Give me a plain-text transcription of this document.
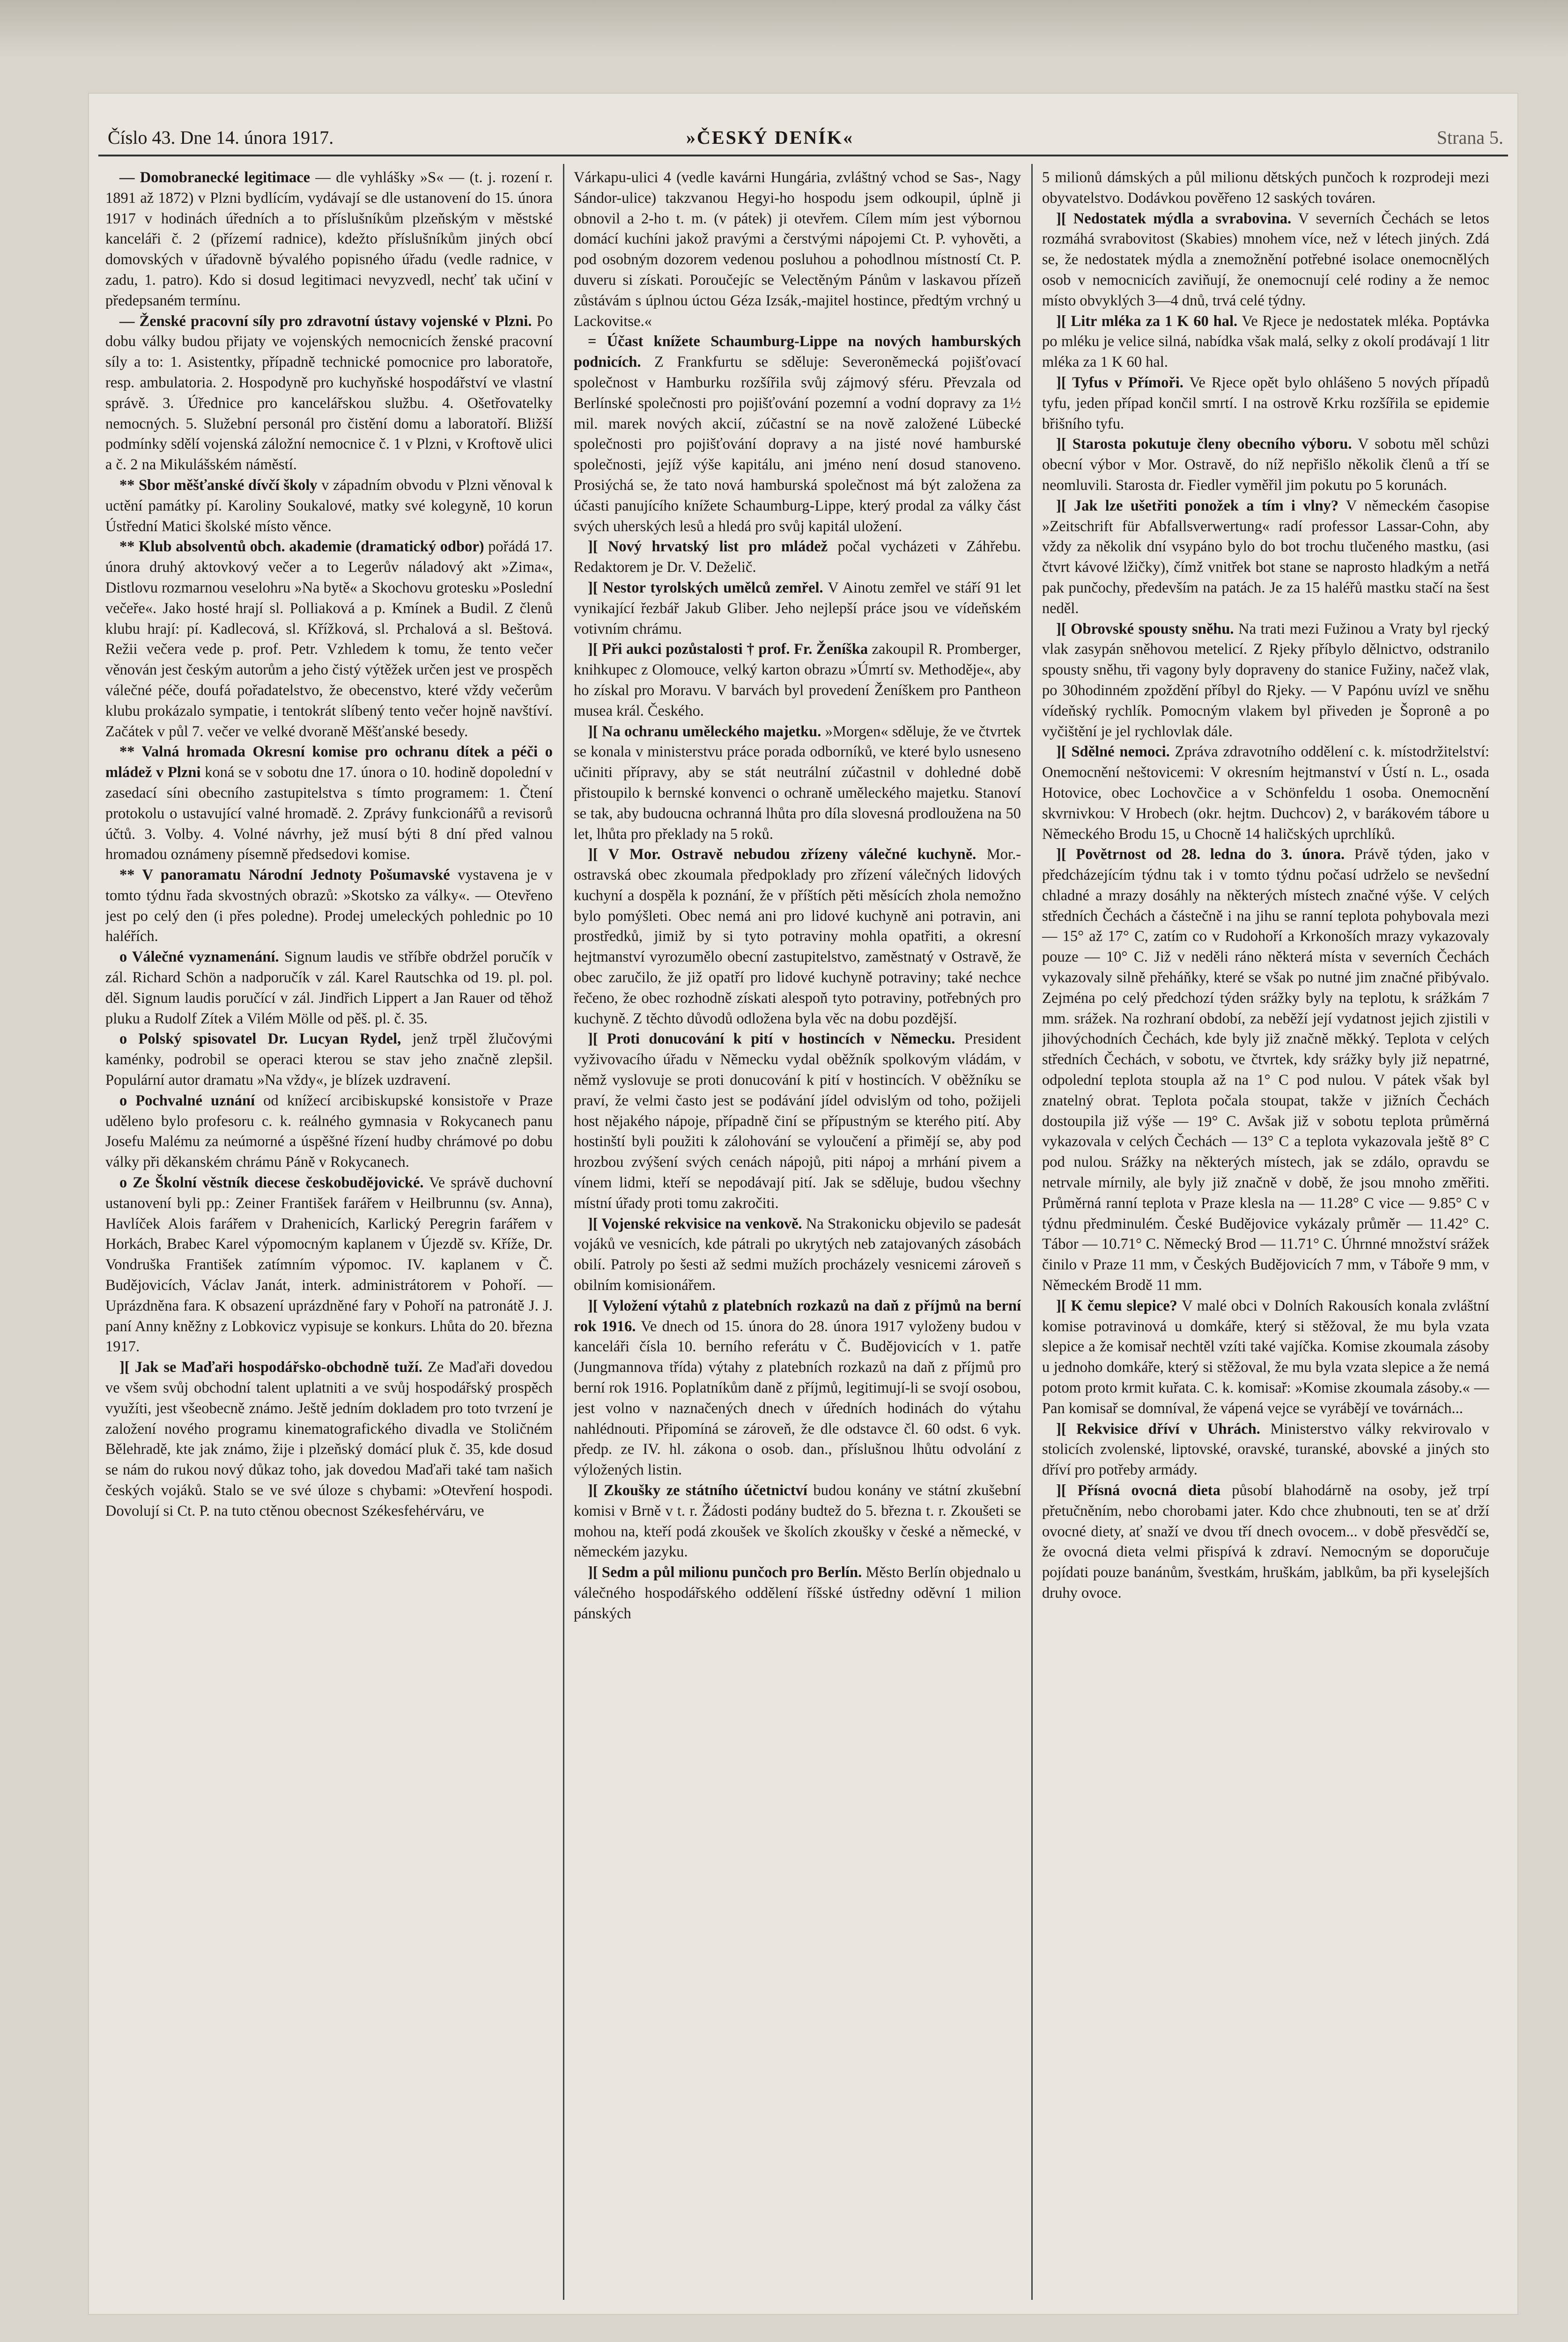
Číslo 43. Dne 14. února 1917.	»ČESKÝ DENÍK«	Strana 5.

— Domobranecké legitimace — dle vyhlášky »S« — (t. j. rození r. 1891 až 1872) v Plzni bydlícím, vydávají se dle ustanovení do 15. února 1917 v hodinách úředních a to příslušníkům plzeňským v městské kanceláři č. 2 (přízemí radnice), kdežto příslušníkům jiných obcí domovských v úřadovně bývalého popisného úřadu (vedle radnice, v zadu, 1. patro). Kdo si dosud legitimaci nevyzvedl, nechť tak učiní v předepsaném termínu.

— Ženské pracovní síly pro zdravotní ústavy vojenské v Plzni. Po dobu války budou přijaty ve vojenských nemocnicích ženské pracovní síly a to: 1. Asistentky, případně technické pomocnice pro laboratoře, resp. ambulatoria. 2. Hospodyně pro kuchyňské hospodářství ve vlastní správě. 3. Úřednice pro kancelářskou službu. 4. Ošetřovatelky nemocných. 5. Služební personál pro čistění domu a laboratoří. Bližší podmínky sdělí vojenská záložní nemocnice č. 1 v Plzni, v Kroftově ulici a č. 2 na Mikulášském náměstí.

** Sbor měšťanské dívčí školy v západním obvodu v Plzni věnoval k uctění památky pí. Karoliny Soukalové, matky své kolegyně, 10 korun Ústřední Matici školské místo věnce.

** Klub absolventů obch. akademie (dramatický odbor) pořádá 17. února druhý aktovkový večer a to Legerův náladový akt »Zima«, Distlovu rozmarnou veselohru »Na bytě« a Skochovu grotesku »Poslední večeře«. Jako hosté hrají sl. Polliaková a p. Kmínek a Budil. Z členů klubu hrají: pí. Kadlecová, sl. Křížková, sl. Prchalová a sl. Beštová. Režii večera vede p. prof. Petr. Vzhledem k tomu, že tento večer věnován jest českým autorům a jeho čistý výtěžek určen jest ve prospěch válečné péče, doufá pořadatelstvo, že obecenstvo, které vždy večerům klubu prokázalo sympatie, i tentokrát slíbený tento večer hojně navštíví. Začátek v půl 7. večer ve velké dvoraně Měšťanské besedy.

** Valná hromada Okresní komise pro ochranu dítek a péči o mládež v Plzni koná se v sobotu dne 17. února o 10. hodině dopolední v zasedací síni obecního zastupitelstva s tímto programem: 1. Čtení protokolu o ustavující valné hromadě. 2. Zprávy funkcionářů a revisorů účtů. 3. Volby. 4. Volné návrhy, jež musí býti 8 dní před valnou hromadou oznámeny písemně předsedovi komise.

** V panoramatu Národní Jednoty Pošumavské vystavena je v tomto týdnu řada skvostných obrazů: »Skotsko za války«. — Otevřeno jest po celý den (i přes poledne). Prodej umeleckých pohlednic po 10 haléřích.

o Válečné vyznamenání. Signum laudis ve stříbře obdržel poručík v zál. Richard Schön a nadporučík v zál. Karel Rautschka od 19. pl. pol. děl. Signum laudis poručící v zál. Jindřich Lippert a Jan Rauer od těhož pluku a Rudolf Zítek a Vilém Mölle od pěš. pl. č. 35.

o Polský spisovatel Dr. Lucyan Rydel, jenž trpěl žlučovými kaménky, podrobil se operaci kterou se stav jeho značně zlepšil. Populární autor dramatu »Na vždy«, je blízek uzdravení.

o Pochvalné uznání od knížecí arcibiskupské konsistoře v Praze uděleno bylo profesoru c. k. reálného gymnasia v Rokycanech panu Josefu Malému za neúmorné a úspěšné řízení hudby chrámové po dobu války při děkanském chrámu Páně v Rokycanech.

o Ze Školní věstník diecese českobudějovické. Ve správě duchovní ustanovení byli pp.: Zeiner František farářem v Heilbrunnu (sv. Anna), Havlíček Alois farářem v Drahenicích, Karlický Peregrin farářem v Horkách, Brabec Karel výpomocným kaplanem v Újezdě sv. Kříže, Dr. Vondruška František zatímním výpomoc. IV. kaplanem v Č. Budějovicích, Václav Janát, interk. administrátorem v Pohoří. — Uprázdněna fara. K obsazení uprázdněné fary v Pohoří na patronátě J. J. paní Anny kněžny z Lobkovicz vypisuje se konkurs. Lhůta do 20. března 1917.

][ Jak se Maďaři hospodářsko-obchodně tuží. Ze Maďaři dovedou ve všem svůj obchodní talent uplatniti a ve svůj hospodářský prospěch využíti, jest všeobecně známo. Ještě jedním dokladem pro toto tvrzení je založení nového programu kinematografického divadla ve Stoličném Bělehradě, kte jak známo, žije i plzeňský domácí pluk č. 35, kde dosud se nám do rukou nový důkaz toho, jak dovedou Maďaři také tam našich českých vojáků. Stalo se ve své úloze s chybami: »Otevření hospodi. Dovolují si Ct. P. na tuto ctěnou obecnost Székesfehérváru, ve

Várkapu-ulici 4 (vedle kavárni Hungária, zvláštný vchod se Sas-, Nagy Sándor-ulice) takzvanou Hegyi-ho hospodu jsem odkoupil, úplně ji obnovil a 2-ho t. m. (v pátek) ji otevřem. Cílem mím jest výbornou domácí kuchíni jakož pravými a čerstvými nápojemi Ct. P. vyhověti, a pod osobným dozorem vedenou posluhou a pohodlnou místností Ct. P. duveru si získati. Poroučejíc se Velectěným Pánům v laskavou přízeň zůstávám s úplnou úctou Géza Izsák,-majitel hostince, předtým vrchný u Lackovitse.«

= Účast knížete Schaumburg-Lippe na nových hamburských podnicích. Z Frankfurtu se sděluje: Severoněmecká pojišťovací společnost v Hamburku rozšířila svůj zájmový sféru. Převzala od Berlínské společnosti pro pojišťování pozemní a vodní dopravy za 1½ mil. marek nových akcií, zúčastní se na nově založené Lübecké společnosti pro pojišťování dopravy a na jisté nové hamburské společnosti, jejíž výše kapitálu, ani jméno není dosud stanoveno. Prosiýchá se, že tato nová hamburská společnost má být založena za účasti panujícího knížete Schaumburg-Lippe, který prodal za války část svých uherských lesů a hledá pro svůj kapitál uložení.

][ Nový hrvatský list pro mládež počal vycházeti v Záhřebu. Redaktorem je Dr. V. Deželič.

][ Nestor tyrolských umělců zemřel. V Ainotu zemřel ve stáří 91 let vynikající řezbář Jakub Gliber. Jeho nejlepší práce jsou ve vídeňském votivním chrámu.

][ Při aukci pozůstalosti † prof. Fr. Ženíška zakoupil R. Promberger, knihkupec z Olomouce, velký karton obrazu »Úmrtí sv. Methoděje«, aby ho získal pro Moravu. V barvách byl provedení Ženíškem pro Pantheon musea král. Českého.

][ Na ochranu uměleckého majetku. »Morgen« sděluje, že ve čtvrtek se konala v ministerstvu práce porada odborníků, ve které bylo usneseno učiniti přípravy, aby se stát neutrální zúčastnil v dohledné době přistoupilo k bernské konvenci o ochraně uměleckého majetku. Stanoví se tak, aby budoucna ochranná lhůta pro díla slovesná prodloužena na 50 let, lhůta pro překlady na 5 roků.

][ V Mor. Ostravě nebudou zřízeny válečné kuchyně. Mor.-ostravská obec zkoumala předpoklady pro zřízení válečných lidových kuchyní a dospěla k poznání, že v příštích pěti měsících zhola nemožno bylo pomýšleti. Obec nemá ani pro lidové kuchyně ani potravin, ani prostředků, jimiž by si tyto potraviny mohla opatřiti, a okresní hejtmanství vyrozumělo obecní zastupitelstvo, zaměstnatý v Ostravě, že obec zaručilo, že již opatří pro lidové kuchyně potraviny; také nechce řečeno, že obec rozhodně získati alespoň tyto potraviny, potřebných pro kuchyně. Z těchto důvodů odložena byla věc na dobu pozdější.

][ Proti donucování k pití v hostincích v Německu. President vyživovacího úřadu v Německu vydal oběžník spolkovým vládám, v němž vyslovuje se proti donucování k pití v hostincích. V oběžníku se praví, že velmi často jest se podávání jídel odvislým od toho, požijeli host nějakého nápoje, případně činí se přípustným se kterého pití. Aby hostinští byli použiti k zálohování se vyloučení a přimějí se, aby pod hrozbou zvýšení svých cenách nápojů, piti nápoj a mrhání pivem a vínem lidmi, kteří se nepodávají pití. Jak se sděluje, budou všechny místní úřady proti tomu zakročiti.

][ Vojenské rekvisice na venkově. Na Strakonicku objevilo se padesát vojáků ve vesnicích, kde pátrali po ukrytých neb zatajovaných zásobách obilí. Patroly po šesti až sedmi mužích procházely vesnicemi zároveň s obilním komisionářem.

][ Vyložení výtahů z platebních rozkazů na daň z příjmů na berní rok 1916. Ve dnech od 15. února do 28. února 1917 vyloženy budou v kanceláři čísla 10. berního referátu v Č. Budějovicích v 1. patře (Jungmannova třída) výtahy z platebních rozkazů na daň z příjmů pro berní rok 1916. Poplatníkům daně z příjmů, legitimují-li se svojí osobou, jest volno v naznačených dnech v úředních hodinách do výtahu nahlédnouti. Připomíná se zároveň, že dle odstavce čl. 60 odst. 6 vyk. předp. ze IV. hl. zákona o osob. dan., příslušnou lhůtu odvolání z výložených listin.

][ Zkoušky ze státního účetnictví budou konány ve státní zkušební komisi v Brně v t. r. Žádosti podány budtež do 5. března t. r. Zkoušeti se mohou na, kteří podá zkoušek ve školích zkoušky v české a německé, v německém jazyku.

][ Sedm a půl milionu punčoch pro Berlín. Město Berlín objednalo u válečného hospodářského oddělení říšské ústředny oděvní 1 milion pánských

5 milionů dámských a půl milionu dětských punčoch k rozprodeji mezi obyvatelstvo. Dodávkou pověřeno 12 saských továren.

][ Nedostatek mýdla a svrabovina. V severních Čechách se letos rozmáhá svrabovitost (Skabies) mnohem více, než v létech jiných. Zdá se, že nedostatek mýdla a znemožnění potřebné isolace onemocnělých osob v nemocnicích zaviňují, že onemocnují celé rodiny a že nemoc místo obvyklých 3—4 dnů, trvá celé týdny.

][ Litr mléka za 1 K 60 hal. Ve Rjece je nedostatek mléka. Poptávka po mléku je velice silná, nabídka však malá, selky z okolí prodávají 1 litr mléka za 1 K 60 hal.

][ Tyfus v Přímoři. Ve Rjece opět bylo ohlášeno 5 nových případů tyfu, jeden případ končil smrtí. I na ostrově Krku rozšířila se epidemie břišního tyfu.

][ Starosta pokutuje členy obecního výboru. V sobotu měl schůzi obecní výbor v Mor. Ostravě, do níž nepřišlo několik členů a tří se neomluvili. Starosta dr. Fiedler vyměřil jim pokutu po 5 korunách.

][ Jak lze ušetřiti ponožek a tím i vlny? V německém časopise »Zeitschrift für Abfallsverwertung« radí professor Lassar-Cohn, aby vždy za několik dní vsypáno bylo do bot trochu tlučeného mastku, (asi čtvrt kávové lžičky), čímž vnitřek bot stane se naprosto hladkým a netřá pak punčochy, především na patách. Je za 15 haléřů mastku stačí na šest neděl.

][ Obrovské spousty sněhu. Na trati mezi Fužinou a Vraty byl rjecký vlak zasypán sněhovou metelicí. Z Rjeky příbylo dělnictvo, odstranilo spousty sněhu, tři vagony byly dopraveny do stanice Fužiny, načež vlak, po 30hodinném zpoždění příbyl do Rjeky. — V Papónu uvízl ve sněhu vídeňský rychlík. Pomocným vlakem byl přiveden je Šopronê a po vyčištění je jel rychlovlak dále.

][ Sdělné nemoci. Zpráva zdravotního oddělení c. k. místodržitelství: Onemocnění neštovicemi: V okresním hejtmanství v Ústí n. L., osada Hotovice, obec Lochovčice a v Schönfeldu 1 osoba. Onemocnění skvrnivkou: V Hrobech (okr. hejtm. Duchcov) 2, v barákovém tábore u Německého Brodu 15, u Chocně 14 haličských uprchlíků.

][ Povětrnost od 28. ledna do 3. února. Právě týden, jako v předcházejícím týdnu tak i v tomto týdnu počasí udrželo se nevšední chladné a mrazy dosáhly na některých místech značné výše. V celých středních Čechách a částečně i na jihu se ranní teplota pohybovala mezi — 15° až 17° C, zatím co v Rudohoří a Krkonoších mrazy vykazovaly pouze — 10° C. Již v neděli ráno některá místa v severních Čechách vykazovaly silně přeháňky, které se však po nutné jim značné přibývalo. Zejména po celý předchozí týden srážky byly na teplotu, k srážkám 7 mm. srážek. Na rozhraní období, za neběží její vydatnost jejich zjistili v jihovýchodních Čechách, kde byly již značně měkký. Teplota v celých středních Čechách, v sobotu, ve čtvrtek, kdy srážky byly již nepatrné, odpolední teplota stoupla až na 1° C pod nulou. V pátek však byl znatelný obrat. Teplota počala stoupat, takže v jižních Čechách dostoupila již výše — 19° C. Avšak již v sobotu teplota průměrná vykazovala v celých Čechách — 13° C a teplota vykazovala ještě 8° C pod nulou. Srážky na některých místech, jak se zdálo, opravdu se netrvale mírnily, ale byly již značně v době, že jsou mnoho změřiti. Průměrná ranní teplota v Praze klesla na — 11.28° C vice — 9.85° C v týdnu předminulém. České Budějovice vykázaly průměr — 11.42° C. Tábor — 10.71° C. Německý Brod — 11.71° C. Úhrnné množství srážek činilo v Praze 11 mm, v Českých Budějovicích 7 mm, v Táboře 9 mm, v Německém Brodě 11 mm.

][ K čemu slepice? V malé obci v Dolních Rakousích konala zvláštní komise potravinová u domkáře, který si stěžoval, že mu byla vzata slepice a že komisař nechtěl vzíti také vajíčka. Komise zkoumala zásoby u jednoho domkáře, který si stěžoval, že mu byla vzata slepice a že nemá potom proto krmit kuřata. C. k. komisař: »Komise zkoumala zásoby.« — Pan komisař se domníval, že vápená vejce se vyrábějí ve továrnách...

][ Rekvisice dříví v Uhrách. Ministerstvo války rekvirovalo v stolicích zvolenské, liptovské, oravské, turanské, abovské a jiných sto dříví pro potřeby armády.

][ Přísná ovocná dieta působí blahodárně na osoby, jež trpí přetučněním, nebo chorobami jater. Kdo chce zhubnouti, ten se ať drží ovocné diety, ať snaží ve dvou tří dnech ovocem... v době přesvědčí se, že ovocná dieta velmi přispívá k zdraví. Nemocným se doporučuje pojídati pouze banánům, švestkám, hruškám, jablkům, ba při kyselejších druhy ovoce.
